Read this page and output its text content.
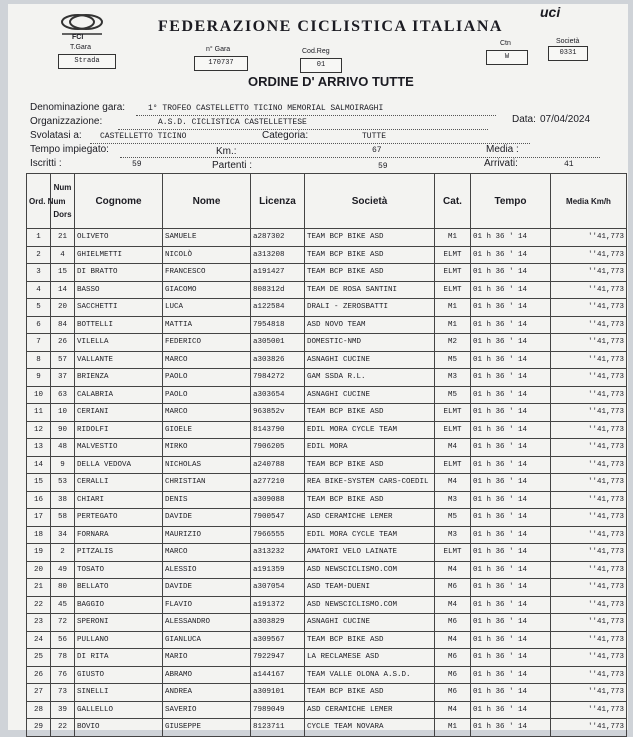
FCI
FEDERAZIONE CICLISTICA ITALIANA
uci
T.Gara
Strada
n° Gara
170737
Cod.Reg
01
Ctn
W
Società
0331
ORDINE D' ARRIVO TUTTE
Denominazione gara:	1° TROFEO CASTELLETTO TICINO MEMORIAL SALMOIRAGHI
Organizzazione:	A.S.D. CICLISTICA CASTELLETTESE	Data: 07/04/2024
Svolatasi a: CASTELLETTO TICINO	Categoria:	TUTTE
Tempo impiegato:	Km.:	67	Media :
Iscritti :	59	Partenti :	59	Arrivati:	41
Ord. Num	Num
Dors	Cognome	Nome	Licenza	Società	Cat.	Tempo	Media Km/h
1	21	OLIVETO	SAMUELE	a287302	TEAM BCP BIKE ASD	M1	01 h 36 ' 14	''41,773
2	4	GHIELMETTI	NICOLÒ	a313208	TEAM BCP BIKE ASD	ELMT	01 h 36 ' 14	''41,773
3	15	DI BRATTO	FRANCESCO	a191427	TEAM BCP BIKE ASD	ELMT	01 h 36 ' 14	''41,773
4	14	BASSO	GIACOMO	808312d	TEAM DE ROSA SANTINI	ELMT	01 h 36 ' 14	''41,773
5	20	SACCHETTI	LUCA	a122584	DRALI - ZEROSBATTI	M1	01 h 36 ' 14	''41,773
6	84	BOTTELLI	MATTIA	7954818	ASD NOVO TEAM	M1	01 h 36 ' 14	''41,773
7	26	VILELLA	FEDERICO	a305001	DOMESTIC-NMD	M2	01 h 36 ' 14	''41,773
8	57	VALLANTE	MARCO	a303826	ASNAGHI CUCINE	M5	01 h 36 ' 14	''41,773
9	37	BRIENZA	PAOLO	7984272	GAM SSDA R.L.	M3	01 h 36 ' 14	''41,773
10	63	CALABRIA	PAOLO	a303654	ASNAGHI CUCINE	M5	01 h 36 ' 14	''41,773
11	10	CERIANI	MARCO	963852v	TEAM BCP BIKE ASD	ELMT	01 h 36 ' 14	''41,773
12	90	RIDOLFI	GIOELE	8143790	EDIL MORA CYCLE TEAM	ELMT	01 h 36 ' 14	''41,773
13	48	MALVESTIO	MIRKO	7906205	EDIL MORA	M4	01 h 36 ' 14	''41,773
14	9	DELLA VEDOVA	NICHOLAS	a240788	TEAM BCP BIKE ASD	ELMT	01 h 36 ' 14	''41,773
15	53	CERALLI	CHRISTIAN	a277210	REA BIKE-SYSTEM CARS-COEDIL	M4	01 h 36 ' 14	''41,773
16	38	CHIARI	DENIS	a309088	TEAM BCP BIKE ASD	M3	01 h 36 ' 14	''41,773
17	58	PERTEGATO	DAVIDE	7900547	ASD CERAMICHE LEMER	M5	01 h 36 ' 14	''41,773
18	34	FORNARA	MAURIZIO	7966555	EDIL MORA CYCLE TEAM	M3	01 h 36 ' 14	''41,773
19	2	PITZALIS	MARCO	a313232	AMATORI VELO LAINATE	ELMT	01 h 36 ' 14	''41,773
20	49	TOSATO	ALESSIO	a191359	ASD NEWSCICLISMO.COM	M4	01 h 36 ' 14	''41,773
21	80	BELLATO	DAVIDE	a307054	ASD TEAM-DUENI	M6	01 h 36 ' 14	''41,773
22	45	BAGGIO	FLAVIO	a191372	ASD NEWSCICLISMO.COM	M4	01 h 36 ' 14	''41,773
23	72	SPERONI	ALESSANDRO	a303829	ASNAGHI CUCINE	M6	01 h 36 ' 14	''41,773
24	56	PULLANO	GIANLUCA	a309567	TEAM BCP BIKE ASD	M4	01 h 36 ' 14	''41,773
25	78	DI RITA	MARIO	7922947	LA RECLAMESE ASD	M6	01 h 36 ' 14	''41,773
26	76	GIUSTO	ABRAMO	a144167	TEAM VALLE OLONA A.S.D.	M6	01 h 36 ' 14	''41,773
27	73	SINELLI	ANDREA	a309101	TEAM BCP BIKE ASD	M6	01 h 36 ' 14	''41,773
28	39	GALLELLO	SAVERIO	7989049	ASD CERAMICHE LEMER	M4	01 h 36 ' 14	''41,773
29	22	BOVIO	GIUSEPPE	8123711	CYCLE TEAM NOVARA	M1	01 h 36 ' 14	''41,773
